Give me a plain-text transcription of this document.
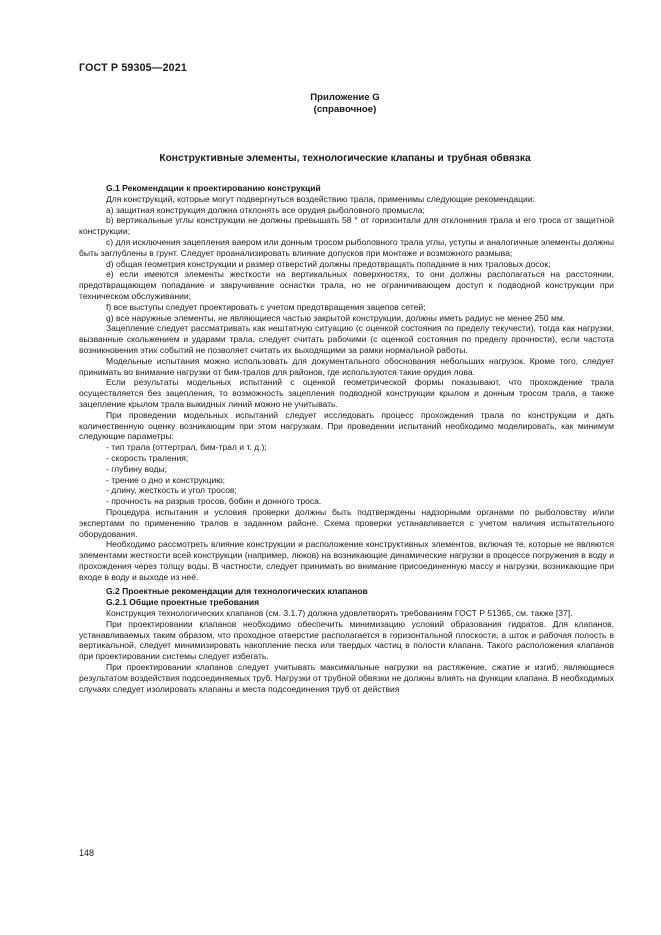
ГОСТ Р 59305—2021
Приложение G
(справочное)
Конструктивные элементы, технологические клапаны и трубная обвязка

G.1 Рекомендации к проектированию конструкций

Для конструкций, которые могут подвергнуться воздействию трала, применимы следующие рекомендации:

a) защитная конструкция должна отклонять все орудия рыболовного промысла;

b) вертикальные углы конструкции не должны превышать 58 ° от горизонтали для отклонения трала и его троса от защитной конструкции;

c) для исключения зацепления ваером или донным тросом рыболовного трала углы, уступы и аналогичные элементы должны быть заглублены в грунт. Следует проанализировать влияние допусков при монтаже и возможного размыва;

d) общая геометрия конструкции и размер отверстий должны предотвращать попадание в них траловых досок;

e) если имеются элементы жесткости на вертикальных поверхностях, то они должны располагаться на расстоянии, предотвращающем попадание и закручивание оснастки трала, но не ограничивающем доступ к подводной конструкции при техническом обслуживании;

f) все выступы следует проектировать с учетом предотвращения зацепов сетей;

g) все наружные элементы, не являющиеся частью закрытой конструкции, должны иметь радиус не менее 250 мм.

Зацепление следует рассматривать как нештатную ситуацию (с оценкой состояния по пределу текучести), тогда как нагрузки, вызванные скольжением и ударами трала, следует считать рабочими (с оценкой состояния по пределу прочности), если частота возникновения этих событий не позволяет считать их выходящими за рамки нормальной работы.

Модельные испытания можно использовать для документального обоснования небольших нагрузок. Кроме того, следует принимать во внимание нагрузки от бим-тралов для районов, где используются такие орудия лова.

Если результаты модельных испытаний с оценкой геометрической формы показывают, что прохождение трала осуществляется без зацепления, то возможность зацепления подводной конструкции крылом и донным тросом трала, а также зацепление крылом трала выкидных линий можно не учитывать.

При проведении модельных испытаний следует исследовать процесс прохождения трала по конструкции и дать количественную оценку возникающим при этом нагрузкам. При проведении испытаний необходимо моделировать, как минимум следующие параметры:

- тип трала (оттертрал, бим-трал и т. д.);
- скорость траления;
- глубину воды;
- трение о дно и конструкцию;
- длину, жесткость и угол тросов;
- прочность на разрыв тросов, бобин и донного троса.

Процедура испытания и условия проверки должны быть подтверждены надзорными органами по рыболовству и/или экспертами по применению тралов в заданном районе. Схема проверки устанавливается с учетом наличия испытательного оборудования.

Необходимо рассмотреть влияние конструкции и расположение конструктивных элементов, включая те, которые не являются элементами жесткости всей конструкции (например, люков) на возникающие динамические нагрузки в процессе погружения в воду и прохождения через толщу воды. В частности, следует принимать во внимание присоединенную массу и нагрузки, возникающие при входе в воду и выходе из неё.

G.2 Проектные рекомендации для технологических клапанов

G.2.1 Общие проектные требования

Конструкция технологических клапанов (см. 3.1.7) должна удовлетворять требованиям ГОСТ Р 51365, см. также [37].

При проектировании клапанов необходимо обеспечить минимизацию условий образования гидратов. Для клапанов, устанавливаемых таким образом, что проходное отверстие располагается в горизонтальной плоскости, а шток и рабочая полость в вертикальной, следует минимизировать накопление песка или твердых частиц в полости клапана. Такого расположения клапанов при проектировании системы следует избегать.

При проектировании клапанов следует учитывать максимальные нагрузки на растяжение, сжатие и изгиб, являющиеся результатом воздействия подсоединяемых труб. Нагрузки от трубной обвязки не должны влиять на функции клапана. В необходимых случаях следует изолировать клапаны и места подсоединения труб от действия

148
